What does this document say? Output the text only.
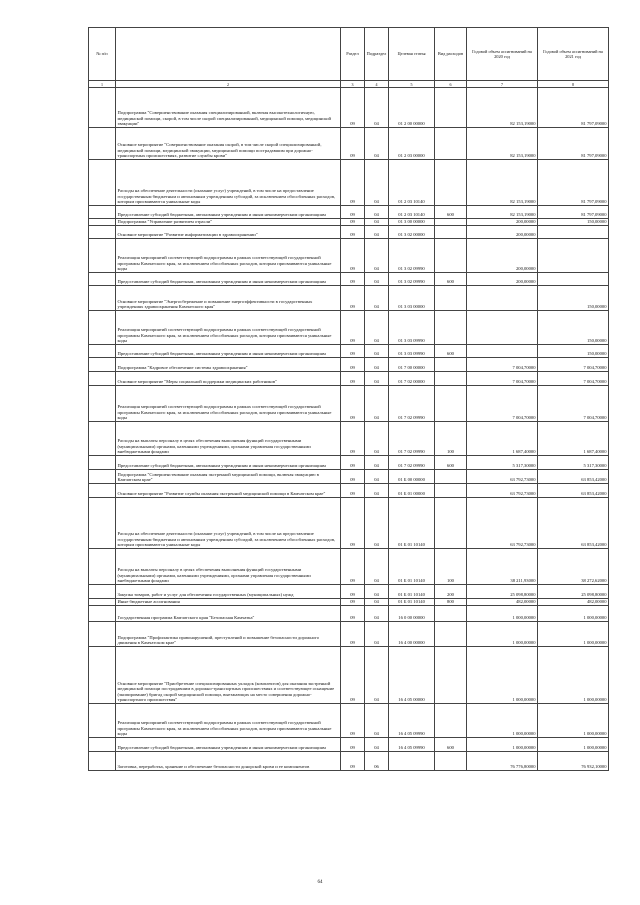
№ п/п		Раздел	Подраздел	Целевая статья	Вид расходов	Годовой объем ассигнований на 2020 год	Годовой объем ассигнований на 2021 год
1	2	3	4	5	6	7	8
	Подпрограмма "Совершенствование оказания специализированной, включая высокотехнологичную, медицинской помощи, скорой, в том числе скорой специализированной, медицинской помощи, медицинской эвакуации"	09	04	01 2 00 00000		82 153,19000	81 797,09000
	Основное мероприятие "Совершенствование оказания скорой, в том числе скорой специализированной, медицинской помощи, медицинской эвакуации, медицинской помощи пострадавшим при дорожно-транспортных происшествиях, развитие службы крови"	09	04	01 2 03 00000		82 153,19000	81 797,09000
	Расходы на обеспечение деятельности (оказание услуг) учреждений, в том числе на предоставление государственным бюджетным и автономным учреждениям субсидий, за исключением обособленных расходов, которым присваиваются уникальные коды	09	04	01 2 03 10140		82 153,19000	81 797,09000
	Предоставление субсидий бюджетным, автономным учреждениям и иным некоммерческим организациям	09	04	01 2 03 10140	600	82 153,19000	81 797,09000
	Подпрограмма "Управление развитием отрасли"	09	04	01 3 00 00000		200,00000	150,00000
	Основное мероприятие "Развитие информатизации в здравоохранении"	09	04	01 3 02 00000		200,00000	
	Реализация мероприятий соответствующей подпрограммы в рамках соответствующей государственной программы Камчатского края, за исключением обособленных расходов, которым присваиваются уникальные коды	09	04	01 3 02 09990		200,00000	
	Предоставление субсидий бюджетным, автономным учреждениям и иным некоммерческим организациям	09	04	01 3 02 09990	600	200,00000	
	Основное мероприятие "Энергосбережение и повышение энергоэффективности в государственных учреждениях здравоохранения Камчатского края"	09	04	01 3 03 00000			150,00000
	Реализация мероприятий соответствующей подпрограммы в рамках соответствующей государственной программы Камчатского края, за исключением обособленных расходов, которым присваиваются уникальные коды	09	04	01 3 03 09990			150,00000
	Предоставление субсидий бюджетным, автономным учреждениям и иным некоммерческим организациям	09	04	01 3 03 09990	600		150,00000
	Подпрограмма "Кадровое обеспечение системы здравоохранения"	09	04	01 7 00 00000		7 004,70000	7 004,70000
	Основное мероприятие "Меры социальной поддержки медицинских работников"	09	04	01 7 02 00000		7 004,70000	7 004,70000
	Реализация мероприятий соответствующей подпрограммы в рамках соответствующей государственной программы Камчатского края, за исключением обособленных расходов, которым присваиваются уникальные коды	09	04	01 7 02 09990		7 004,70000	7 004,70000
	Расходы на выплаты персоналу в целях обеспечения выполнения функций государственными (муниципальными) органами, казенными учреждениями, органами управления государственными внебюджетными фондами	09	04	01 7 02 09990	100	1 687,40000	1 687,40000
	Предоставление субсидий бюджетным, автономным учреждениям и иным некоммерческим организациям	09	04	01 7 02 09990	600	5 317,30000	5 317,30000
	Подпрограмма "Совершенствование оказания экстренной медицинской помощи, включая эвакуацию в Камчатском крае"	09	04	01 Б 00 00000		63 792,73000	63 853,42000
	Основное мероприятие "Развитие службы оказания экстренной медицинской помощи в Камчатском крае"	09	04	01 Б 01 00000		63 792,73000	63 853,42000
	Расходы на обеспечение деятельности (оказание услуг) учреждений, в том числе на предоставление государственным бюджетным и автономным учреждениям субсидий, за исключением обособленных расходов, которым присваиваются уникальные коды	09	04	01 Б 01 10140		63 792,73000	63 853,42000
	Расходы на выплаты персоналу в целях обеспечения выполнения функций государственными (муниципальными) органами, казенными учреждениями, органами управления государственными внебюджетными фондами	09	04	01 Б 01 10140	100	38 211,93000	38 272,62000
	Закупка товаров, работ и услуг для обеспечения государственных (муниципальных) нужд	09	04	01 Б 01 10140	200	25 098,80000	25 098,80000
	Иные бюджетные ассигнования	09	04	01 Б 01 10140	800	482,00000	482,00000
	Государственная программа Камчатского края "Безопасная Камчатка"	09	04	16 0 00 00000		1 000,00000	1 000,00000
	Подпрограмма "Профилактика правонарушений, преступлений и повышение безопасности дорожного движения в Камчатском крае"	09	04	16 4 00 00000		1 000,00000	1 000,00000
	Основное мероприятие "Приобретение специализированных укладок (комплектов) для оказания экстренной медицинской помощи пострадавшим в дорожно-транспортных происшествиях и соответствующее оснащение (экипирование) бригад скорой медицинской помощи, выезжающих на место совершения дорожно-транспортного происшествия"	09	04	16 4 05 00000		1 000,00000	1 000,00000
	Реализация мероприятий соответствующей подпрограммы в рамках соответствующей государственной программы Камчатского края, за исключением обособленных расходов, которым присваиваются уникальные коды	09	04	16 4 05 09990		1 000,00000	1 000,00000
	Предоставление субсидий бюджетным, автономным учреждениям и иным некоммерческим организациям	09	04	16 4 05 09990	600	1 000,00000	1 000,00000
	Заготовка, переработка, хранение и обеспечение безопасности донорской крови и ее компонентов	09	06			76 776,80000	76 932,10000
64
